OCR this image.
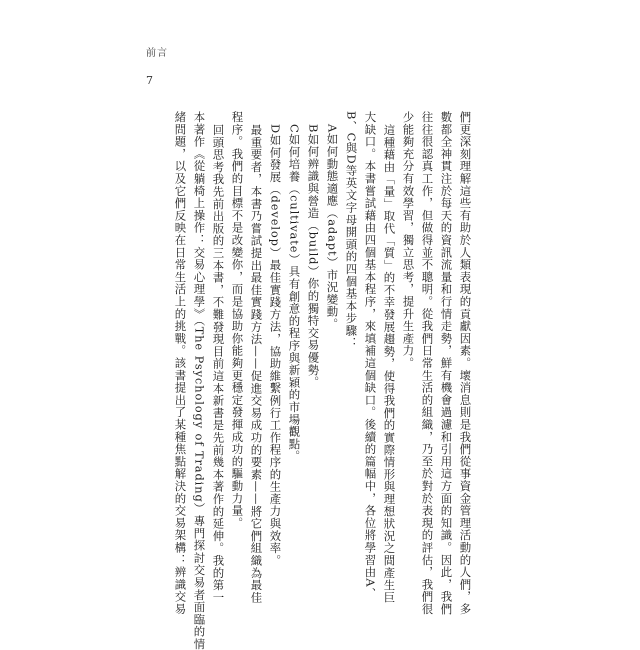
前言
7
們更深刻理解這些有助於人類表現的貢獻因素。壞消息則是我們從事資金管理活動的人們，多
數都全神貫注於每天的資訊流量和行情走勢，鮮有機會過濾和引用這方面的知識。因此，我們
往往很認真工作，但做得並不聰明。從我們日常生活的組織，乃至於對於表現的評估，我們很
少能夠充分有效學習，獨立思考，提升生產力。
這種藉由「量」取代「質」的不幸發展趨勢，使得我們的實際情形與理想狀況之間產生巨
大缺口。本書嘗試藉由四個基本程序，來填補這個缺口。後續的篇幅中，各位將學習由A、
B、C與D等英文字母開頭的四個基本步驟：
A如何動態適應（adapt）市況變動。
B如何辨識與營造（build）你的獨特交易優勢。
C如何培養（cultivate）具有創意的程序與新穎的市場觀點。
D如何發展（develop）最佳實踐方法，協助維繫例行工作程序的生產力與效率。
最重要者，本書乃嘗試提出最佳實踐方法——促進交易成功的要素——將它們組織為最佳
程序。我們的目標不是改變你，而是協助你能夠更穩定發揮成功的驅動力量。
回頭思考我先前出版的三本書，不難發現目前這本新書是先前幾本著作的延伸。我的第一
本著作《從躺椅上操作：交易心理學》（The Psychology of Trading）專門探討交易者面臨的情
緒問題，以及它們反映在日常生活上的挑戰。該書提出了某種焦點解決的交易架構：辨識交易
